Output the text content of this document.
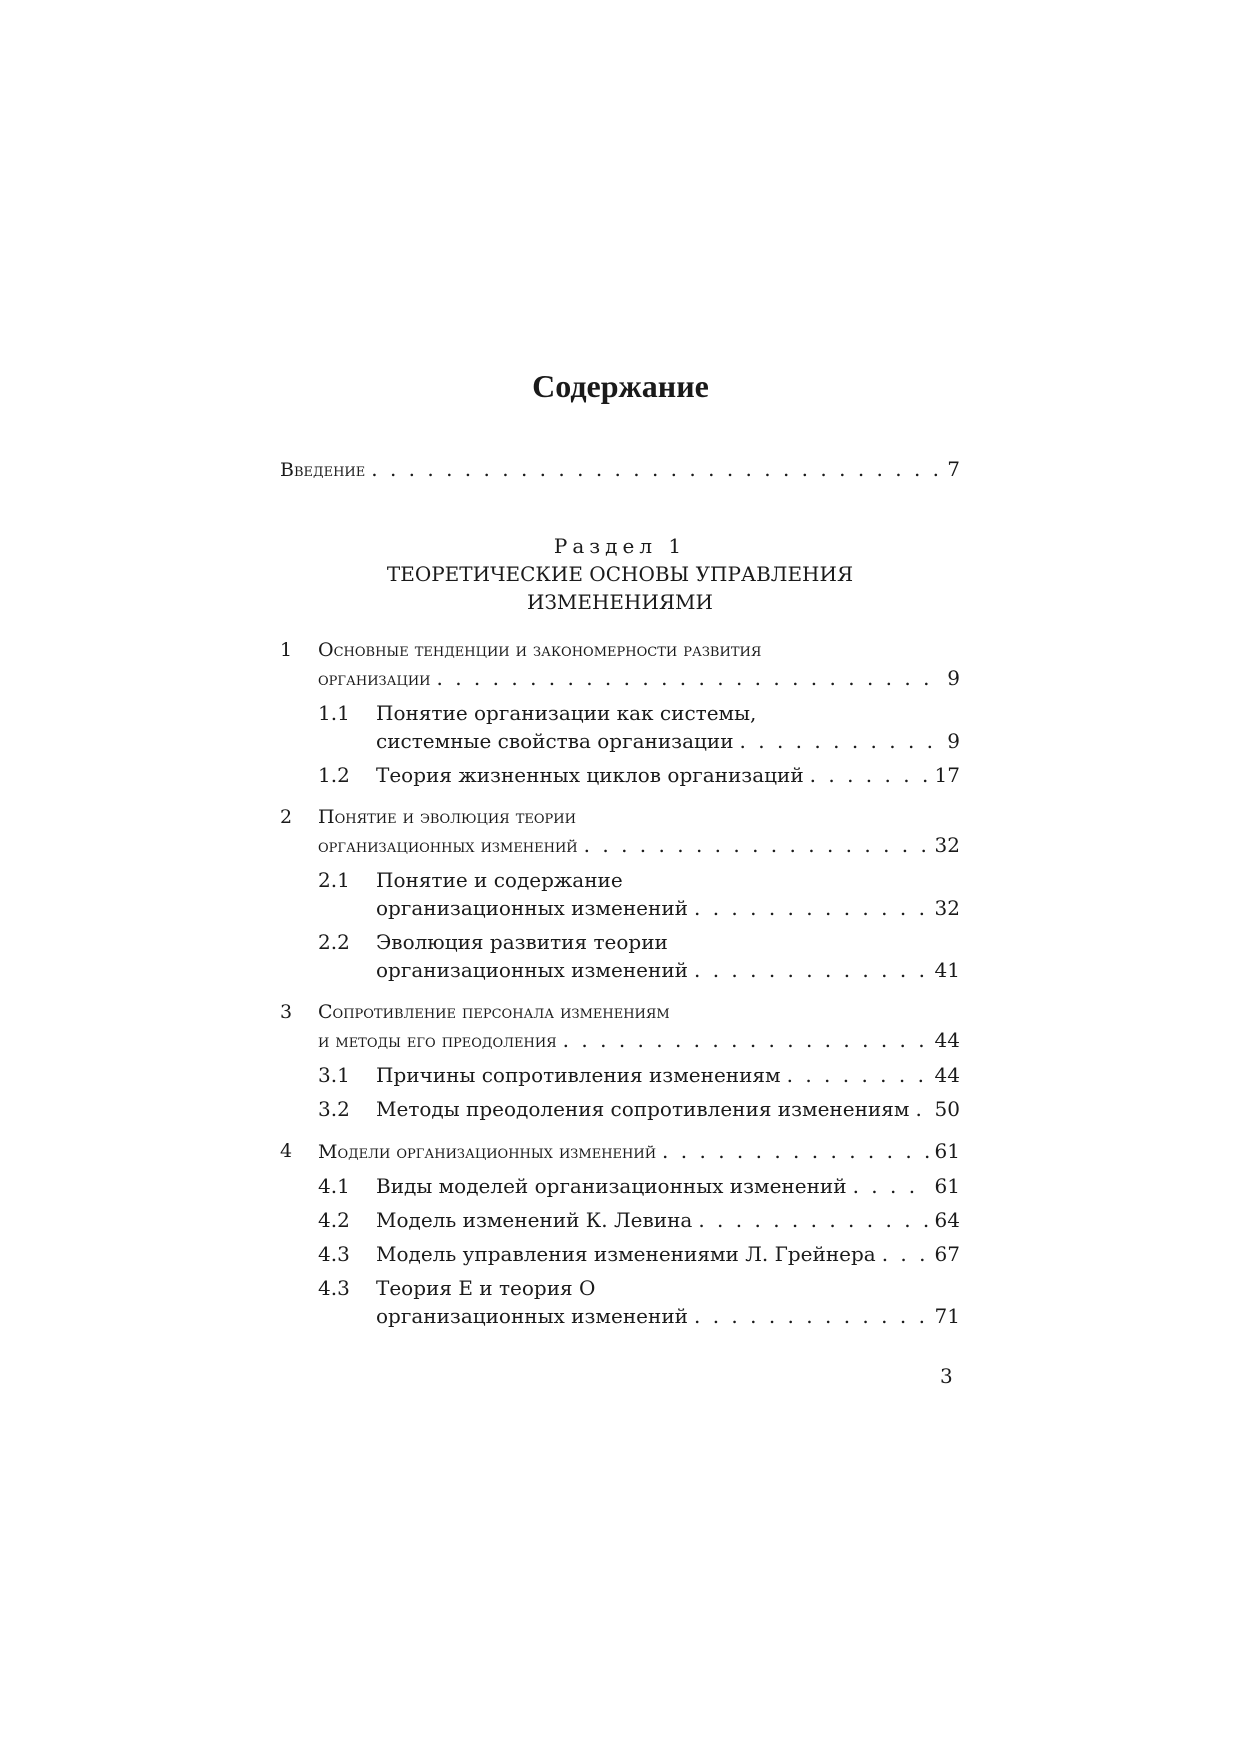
Содержание
Введение . . .	7
Раздел 1
ТЕОРЕТИЧЕСКИЕ ОСНОВЫ УПРАВЛЕНИЯ
ИЗМЕНЕНИЯМИ
1 Основные тенденции и закономерности развития
организации . . .	9
1.1 Понятие организации как системы,
системные свойства организации . . .	9
1.2 Теория жизненных циклов организаций . . .	17
2 Понятие и эволюция теории
организационных изменений . . .	32
2.1 Понятие и содержание
организационных изменений . . .	32
2.2 Эволюция развития теории
организационных изменений . . .	41
3 Сопротивление персонала изменениям
и методы его преодоления . . .	44
3.1 Причины сопротивления изменениям . . .	44
3.2 Методы преодоления сопротивления изменениям . . . 50
4 Модели организационных изменений . . .	61
4.1 Виды моделей организационных изменений . . .	61
4.2 Модель изменений К. Левина . . .	64
4.3 Модель управления изменениями Л. Грейнера . . .	67
4.3 Теория Е и теория О
организационных изменений . . .	71
3
